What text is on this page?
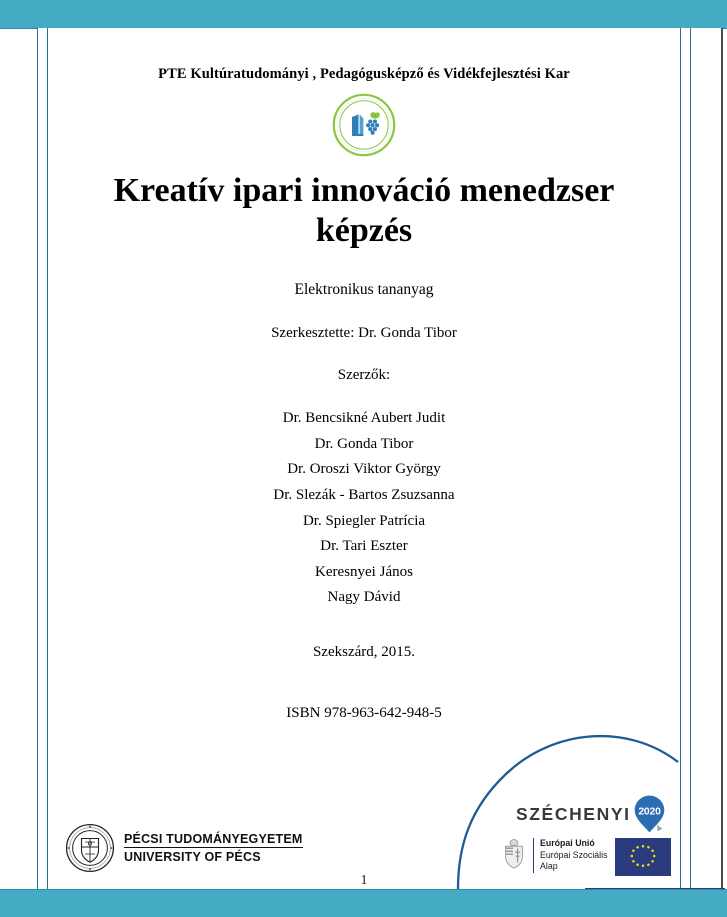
PTE Kultúratudományi , Pedagógusképző és Vidékfejlesztési Kar

Kreatív ipari innováció menedzser képzés

Elektronikus tananyag

Szerkesztette: Dr. Gonda Tibor

Szerzők:

Dr. Bencsikné Aubert Judit
Dr. Gonda Tibor
Dr. Oroszi Viktor György
Dr. Slezák - Bartos Zsuzsanna
Dr. Spiegler Patrícia
Dr. Tari Eszter
Keresnyei János
Nagy Dávid

Szekszárd, 2015.

ISBN 978-963-642-948-5

1
PÉCSI TUDOMÁNYEGYETEM
UNIVERSITY OF PÉCS
SZÉCHENYI 2020
Európai Unió
Európai Szociális
Alap
